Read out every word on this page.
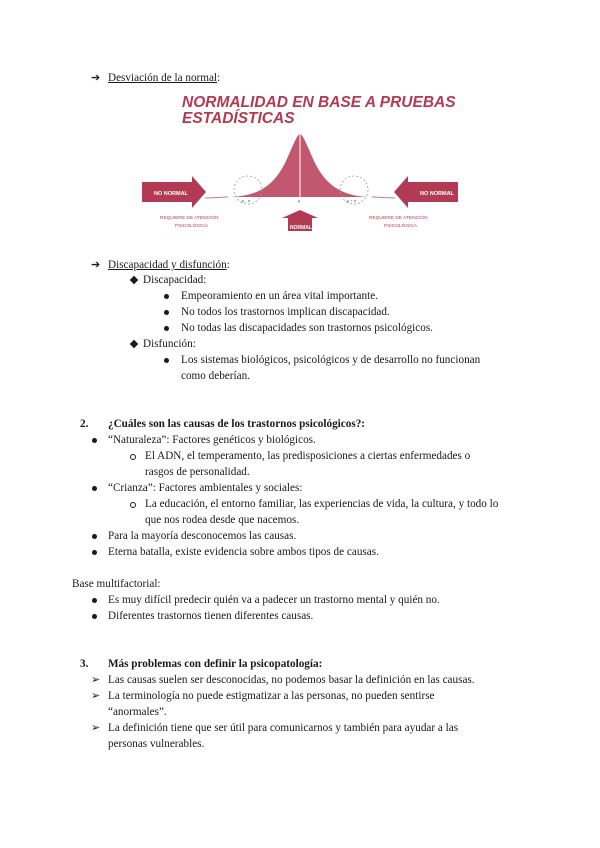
➔ Desviación de la normal:
NORMALIDAD EN BASE A PRUEBAS
ESTADÍSTICAS
NO NORMAL	NO NORMAL
μ - σ	μ	μ + σ
NORMAL
REQUIERE DE ATENCIÓN
PSICOLÓGICA
REQUIERE DE ATENCIÓN
PSICOLÓGICA
➔ Discapacidad y disfunción:
Discapacidad:
Empeoramiento en un área vital importante.
No todos los trastornos implican discapacidad.
No todas las discapacidades son trastornos psicológicos.
Disfunción:
Los sistemas biológicos, psicológicos y de desarrollo no funcionan
como deberían.
2. ¿Cuáles son las causas de los trastornos psicológicos?:
“Naturaleza”: Factores genéticos y biológicos.
El ADN, el temperamento, las predisposiciones a ciertas enfermedades o
rasgos de personalidad.
“Crianza”: Factores ambientales y sociales:
La educación, el entorno familiar, las experiencias de vida, la cultura, y todo lo
que nos rodea desde que nacemos.
Para la mayoría desconocemos las causas.
Eterna batalla, existe evidencia sobre ambos tipos de causas.
Base multifactorial:
Es muy difícil predecir quién va a padecer un trastorno mental y quién no.
Diferentes trastornos tienen diferentes causas.
3. Más problemas con definir la psicopatología:
➢ Las causas suelen ser desconocidas, no podemos basar la definición en las causas.
➢ La terminología no puede estigmatizar a las personas, no pueden sentirse
“anormales”.
➢ La definición tiene que ser útil para comunicarnos y también para ayudar a las
personas vulnerables.
